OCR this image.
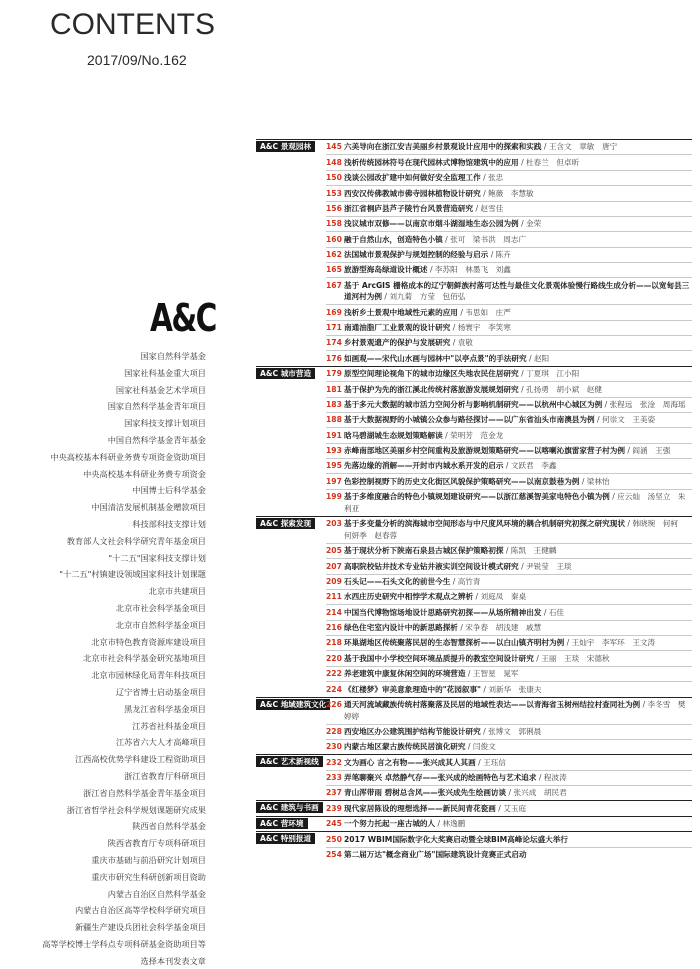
CONTENTS
2017/09/No.162
A&C
国家自然科学基金
国家社科基金重大项目
国家社科基金艺术学项目
国家自然科学基金青年项目
国家科技支撑计划项目
中国自然科学基金青年基金
中央高校基本科研业务费专项资金资助项目
中央高校基本科研业务费专项资金
中国博士后科学基金
中国清洁发展机制基金赠款项目
科技部科技支撑计划
教育部人文社会科学研究青年基金项目
"十二五"国家科技支撑计划
"十二五"村镇建设领域国家科技计划课题
北京市共建项目
北京市社会科学基金项目
北京市自然科学基金项目
北京市特色教育资源库建设项目
北京市社会科学基金研究基地项目
北京市园林绿化局青年科技项目
辽宁省博士启动基金项目
黑龙江省科学基金项目
江苏省社科基金项目
江苏省六大人才高峰项目
江西高校优势学科建设工程资助项目
浙江省教育厅科研项目
浙江省自然科学基金青年基金项目
浙江省哲学社会科学规划课题研究成果
陕西省自然科学基金
陕西省教育厅专项科研项目
重庆市基础与前沿研究计划项目
重庆市研究生科研创新项目资助
内蒙古自治区自然科学基金
内蒙古自治区高等学校科学研究项目
新疆生产建设兵团社会科学基金项目
高等学校博士学科点专项科研基金资助项目等
选择本刊发表文章
A&C 景观园林	145 六美导向在浙江安吉美丽乡村景观设计应用中的探索和实践 / 王含文　章敏　唐宁
148 浅析传统园林符号在现代园林式博物馆建筑中的应用 / 杜春兰　但卓昕
150 浅谈公园改扩建中如何做好安全监理工作 / 张忠
153 西安汉传佛教城市佛寺园林植物设计研究 / 鲍薇　李慧敏
156 浙江省桐庐县芦子陵竹台风景营造研究 / 赵雪佳
158 浅议城市双修——以南京市烟斗湖湿地生态公园为例 / 金荣
160 融于自然山水，创造特色小镇 / 张可　梁书洪　周志广
162 法国城市景观保护与规划控制的经验与启示 / 陈卉
165 旅游型海岛绿道设计概述 / 李苏阳　林墨飞　刘鑫
167 基于 ArcGIS 栅格成本的辽宁朝鲜族村落可达性与最佳文化景观体验慢行路线生成分析——以宽甸县三道河村为例 / 刘九菊　方莹　包佰弘
169 浅析乡土景观中地域性元素的应用 / 韦思如　庄严
171 南通油脂厂工业景观的设计研究 / 杨寰宇　李笑寒
174 乡村景观遗产的保护与发展研究 / 袁敬
176 如画观——宋代山水画与园林中"以亭点景"的手法研究 / 赵阳
A&C 城市营造	179 原型空间理论视角下的城市边缘区失地农民住居研究 / 丁夏琪　江小阳
181 基于保护为先的浙江溪北传统村落旅游发展规划研究 / 孔扬勇　胡小斌　赵健
183 基于多元大数据的城市活力空间分析与影响机制研究——以杭州中心城区为例 / 张程远　张淦　周海瑶
188 基于大数据视野的小城镇公众参与路径探讨——以广东省汕头市南澳县为例 / 何崇文　王美姿
191 晗马碧湖城生态规划策略解读 / 荣明芳　范金龙
193 赤峰南部地区美丽乡村空间重构及旅游规划策略研究——以喀喇沁旗雷家营子村为例 / 阎涵　王强
195 先落边缘的消解——开封市内城水系开发的启示 / 文跃君　李鑫
197 色彩控制视野下的历史文化街区风貌保护策略研究——以南京鼓巷为例 / 梁林怡
199 基于多维度融合的特色小镇规划建设研究——以浙江慈溪智美家电特色小镇为例 / 应云灿　汤坚立　朱利亚
A&C 探索发现	203 基于多变量分析的滨海城市空间形态与中尺度风环境的耦合机制研究初探之研究现状 / 韩晓琬　何柯　何妍季　赵春蓉
205 基于现状分析下陕南石泉县古城区保护策略初探 / 陈凯　王健麟
207 高职院校钻井技术专业钻井液实训空间设计模式研究 / 尹锐莹　王琰
209 石头记——石头文化的前世今生 / 高竹青
211 水西庄历史研究中相悖学术观点之辨析 / 刘庭凤　秦桌
214 中国当代博物馆场地设计思路研究初探——从场所精神出发 / 石佳
216 绿色住宅室内设计中的新思路探析 / 宋争春　胡浅建　戚慧
218 环巢湖地区传统聚落民居的生态智慧探析——以白山镇齐明村为例 / 王灿宇　李军环　王文涛
220 基于我国中小学校空间环境品质提升的教室空间设计研究 / 王丽　王琰　宋德秋
222 养老建筑中康复休闲空间的环境营造 / 王智星　晁军
224 《红楼梦》审美意象理造中的"花园叙事" / 刘新华　张康夫
A&C 地域建筑文化 226 通天河流域藏族传统村落聚落及民居的地域性表达——以青海省玉树州结拉村查同社为例 / 李冬雪　樊婷婷
228 西安地区办公建筑围护结构节能设计研究 / 张博文　郭俐晨
230 内蒙古地区蒙古族传统民居演化研究 / 闫俊文
A&C 艺术新视线 232 文为画心 言之有物——张兴成其人其画 / 王珏信
233 弄笔聊聚兴 卓然静气存——张兴成的绘画特色与艺术追求 / 程波涛
237 青山浑带雨 碧树总含风——张兴成先生绘画访谈 / 张兴成　胡民君
A&C 建筑与书画 239 现代家居陈设的理想选择——新民间青花瓷画 / 艾玉庭
A&C 营环境	245 一个努力托起一座古城的人 / 林逸鹏
A&C 特别报道	250 2017 WBIM国际数字化大奖赛启动暨全球BIM高峰论坛盛大举行
254 第二届万达"概念商业广场"国际建筑设计竞赛正式启动
